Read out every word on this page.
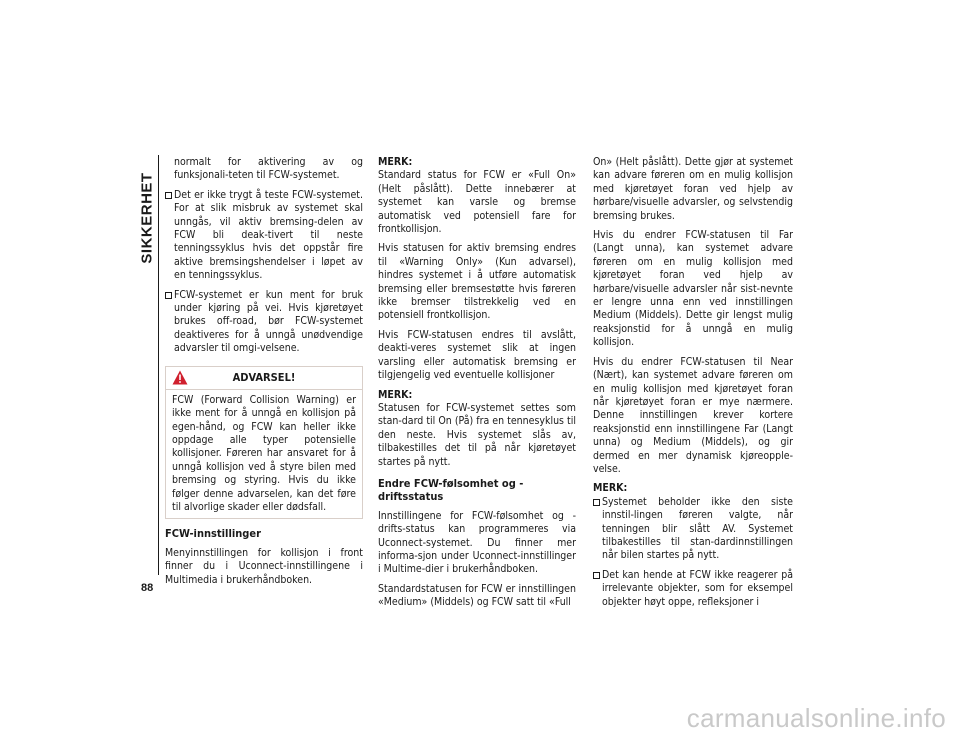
SIKKERHET
88

normalt for aktivering av og funksjonali-teten til FCW-systemet.

Det er ikke trygt å teste FCW-systemet. For at slik misbruk av systemet skal unngås, vil aktiv bremsing-delen av FCW bli deak-tivert til neste tenningssyklus hvis det oppstår fire aktive bremsingshendelser i løpet av en tenningssyklus.
FCW-systemet er kun ment for bruk under kjøring på vei. Hvis kjøretøyet brukes off-road, bør FCW-systemet deaktiveres for å unngå unødvendige advarsler til omgi-velsene.
ADVARSEL!
FCW (Forward Collision Warning) er ikke ment for å unngå en kollisjon på egen-hånd, og FCW kan heller ikke oppdage alle typer potensielle kollisjoner. Føreren har ansvaret for å unngå kollisjon ved å styre bilen med bremsing og styring. Hvis du ikke følger denne advarselen, kan det føre til alvorlige skader eller dødsfall.
FCW-innstillinger

Menyinnstillingen for kollisjon i front finner du i Uconnect-innstillingene i Multimedia i brukerhåndboken.

MERK:

Standard status for FCW er «Full On» (Helt påslått). Dette innebærer at systemet kan varsle og bremse automatisk ved potensiell fare for frontkollisjon.

Hvis statusen for aktiv bremsing endres til «Warning Only» (Kun advarsel), hindres systemet i å utføre automatisk bremsing eller bremsestøtte hvis føreren ikke bremser tilstrekkelig ved en potensiell frontkollisjon.

Hvis FCW-statusen endres til avslått, deakti-veres systemet slik at ingen varsling eller automatisk bremsing er tilgjengelig ved eventuelle kollisjoner

MERK:

Statusen for FCW-systemet settes som stan-dard til On (På) fra en tennesyklus til den neste. Hvis systemet slås av, tilbakestilles det til på når kjøretøyet startes på nytt.

Endre FCW-følsomhet og -driftsstatus

Innstillingene for FCW-følsomhet og -drifts-status kan programmeres via Uconnect-systemet. Du finner mer informa-sjon under Uconnect-innstillinger i Multime-dier i brukerhåndboken.

Standardstatusen for FCW er innstillingen «Medium» (Middels) og FCW satt til «Full

On» (Helt påslått). Dette gjør at systemet kan advare føreren om en mulig kollisjon med kjøretøyet foran ved hjelp av hørbare/visuelle advarsler, og selvstendig bremsing brukes.

Hvis du endrer FCW-statusen til Far (Langt unna), kan systemet advare føreren om en mulig kollisjon med kjøretøyet foran ved hjelp av hørbare/visuelle advarsler når sist-nevnte er lengre unna enn ved innstillingen Medium (Middels). Dette gir lengst mulig reaksjonstid for å unngå en mulig kollisjon.

Hvis du endrer FCW-statusen til Near (Nært), kan systemet advare føreren om en mulig kollisjon med kjøretøyet foran når kjøretøyet foran er mye nærmere. Denne innstillingen krever kortere reaksjonstid enn innstillingene Far (Langt unna) og Medium (Middels), og gir dermed en mer dynamisk kjøreopple-velse.

MERK:

Systemet beholder ikke den siste innstil-lingen føreren valgte, når tenningen blir slått AV. Systemet tilbakestilles til stan-dardinnstillingen når bilen startes på nytt.
Det kan hende at FCW ikke reagerer på irrelevante objekter, som for eksempel objekter høyt oppe, refleksjoner i
carmanualsonline.info
